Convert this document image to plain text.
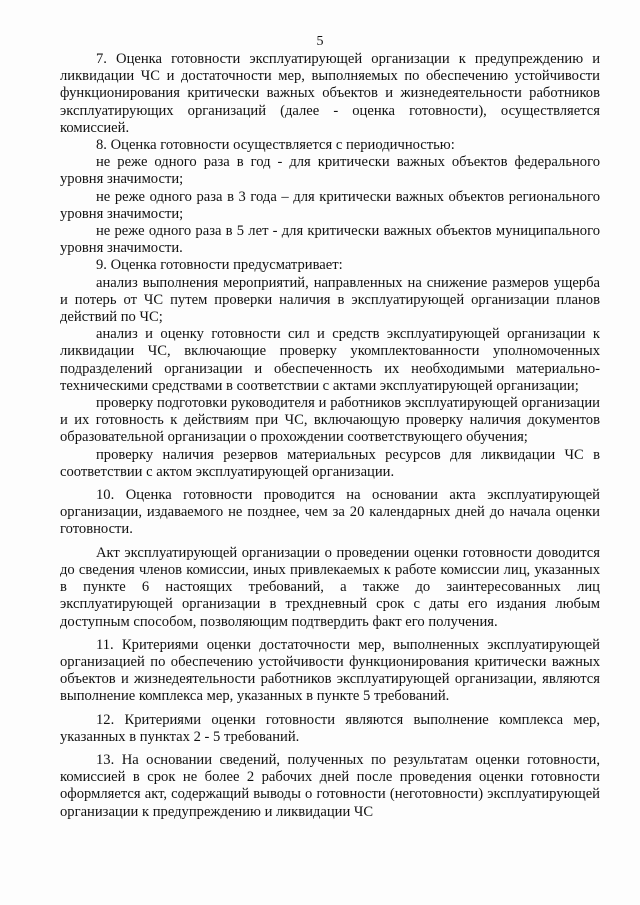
5

7. Оценка готовности эксплуатирующей организации к предупреждению и ликвидации ЧС и достаточности мер, выполняемых по обеспечению устойчивости функционирования критически важных объектов и жизнедеятельности работников эксплуатирующих организаций (далее - оценка готовности), осуществляется комиссией.

8. Оценка готовности осуществляется с периодичностью:

не реже одного раза в год - для критически важных объектов федерального уровня значимости;

не реже одного раза в 3 года – для критически важных объектов регионального уровня значимости;

не реже одного раза в 5 лет - для критически важных объектов муниципального уровня значимости.

9. Оценка готовности предусматривает:

анализ выполнения мероприятий, направленных на снижение размеров ущерба и потерь от ЧС путем проверки наличия в эксплуатирующей организации планов действий по ЧС;

анализ и оценку готовности сил и средств эксплуатирующей организации к ликвидации ЧС, включающие проверку укомплектованности уполномоченных подразделений организации и обеспеченность их необходимыми материально-техническими средствами в соответствии с актами эксплуатирующей организации;

проверку подготовки руководителя и работников эксплуатирующей организации и их готовность к действиям при ЧС, включающую проверку наличия документов образовательной организации о прохождении соответствующего обучения;

проверку наличия резервов материальных ресурсов для ликвидации ЧС в соответствии с актом эксплуатирующей организации.

10. Оценка готовности проводится на основании акта эксплуатирующей организации, издаваемого не позднее, чем за 20 календарных дней до начала оценки готовности.

Акт эксплуатирующей организации о проведении оценки готовности доводится до сведения членов комиссии, иных привлекаемых к работе комиссии лиц, указанных в пункте 6 настоящих требований, а также до заинтересованных лиц эксплуатирующей организации в трехдневный срок с даты его издания любым доступным способом, позволяющим подтвердить факт его получения.

11. Критериями оценки достаточности мер, выполненных эксплуатирующей организацией по обеспечению устойчивости функционирования критически важных объектов и жизнедеятельности работников эксплуатирующей организации, являются выполнение комплекса мер, указанных в пункте 5 требований.

12. Критериями оценки готовности являются выполнение комплекса мер, указанных в пунктах 2 - 5 требований.

13. На основании сведений, полученных по результатам оценки готовности, комиссией в срок не более 2 рабочих дней после проведения оценки готовности оформляется акт, содержащий выводы о готовности (неготовности) эксплуатирующей организации к предупреждению и ликвидации ЧС
